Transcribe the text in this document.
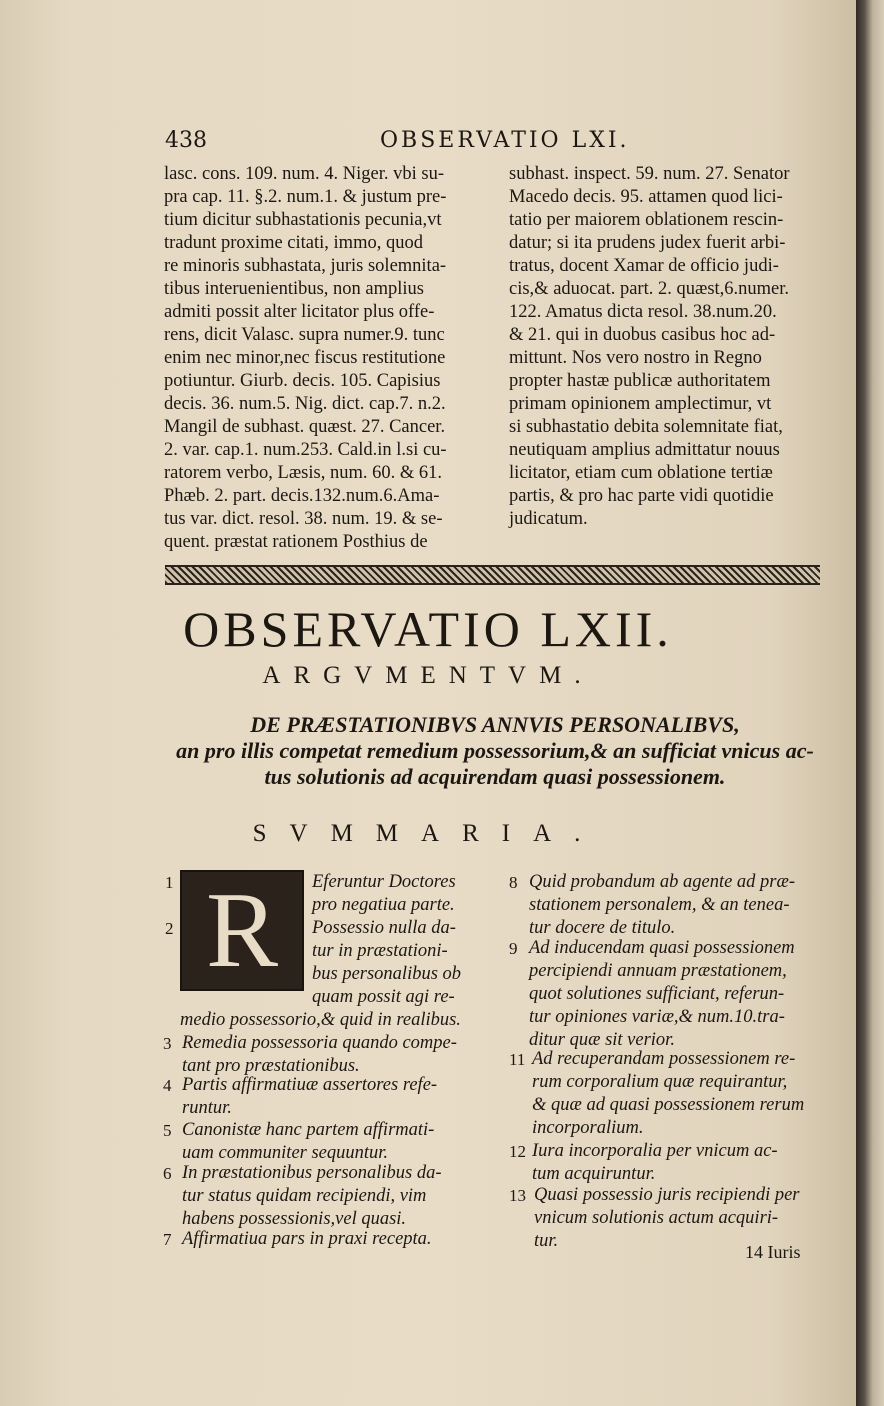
438	OBSERVATIO LXI.
lasc. cons. 109. num. 4. Niger. vbi su-
pra cap. 11. §.2. num.1. & justum pre-
tium dicitur subhastationis pecunia,vt
tradunt proxime citati, immo, quod
re minoris subhastata, juris solemnita-
tibus interuenientibus, non amplius
admiti possit alter licitator plus offe-
rens, dicit Valasc. supra numer.9. tunc
enim nec minor,nec fiscus restitutione
potiuntur. Giurb. decis. 105. Capisius
decis. 36. num.5. Nig. dict. cap.7. n.2.
Mangil de subhast. quæst. 27. Cancer.
2. var. cap.1. num.253. Cald.in l.si cu-
ratorem verbo, Læsis, num. 60. & 61.
Phæb. 2. part. decis.132.num.6.Ama-
tus var. dict. resol. 38. num. 19. & se-
quent. præstat rationem Posthius de
subhast. inspect. 59. num. 27. Senator
Macedo decis. 95. attamen quod lici-
tatio per maiorem oblationem rescin-
datur; si ita prudens judex fuerit arbi-
tratus, docent Xamar de officio judi-
cis,& aduocat. part. 2. quæst,6.numer.
122. Amatus dicta resol. 38.num.20.
& 21. qui in duobus casibus hoc ad-
mittunt. Nos vero nostro in Regno
propter hastæ publicæ authoritatem
primam opinionem amplectimur, vt
si subhastatio debita solemnitate fiat,
neutiquam amplius admittatur nouus
licitator, etiam cum oblatione tertiæ
partis, & pro hac parte vidi quotidie
judicatum.
OBSERVATIO LXII.
ARGVMENTVM.
DE PRÆSTATIONIBVS ANNVIS PERSONALIBVS,
an pro illis competat remedium possessorium,& an sufficiat vnicus ac-
tus solutionis ad acquirendam quasi possessionem.
SVMMARIA.
R
1	Eferuntur Doctores
pro negatiua parte.
2	Possessio nulla da-
tur in præstationi-
bus personalibus ob
quam possit agi re-
medio possessorio,& quid in realibus.
3 Remedia possessoria quando compe-
tant pro præstationibus.
4 Partis affirmatiuæ assertores refe-
runtur.
5 Canonistæ hanc partem affirmati-
uam communiter sequuntur.
6 In præstationibus personalibus da-
tur status quidam recipiendi, vim
habens possessionis,vel quasi.
7 Affirmatiua pars in praxi recepta.
8 Quid probandum ab agente ad præ-
stationem personalem, & an tenea-
tur docere de titulo.
9 Ad inducendam quasi possessionem
percipiendi annuam præstationem,
quot solutiones sufficiant, referun-
tur opiniones variæ,& num.10.tra-
ditur quæ sit verior.
11 Ad recuperandam possessionem re-
rum corporalium quæ requirantur,
& quæ ad quasi possessionem rerum
incorporalium.
12 Iura incorporalia per vnicum ac-
tum acquiruntur.
13 Quasi possessio juris recipiendi per
vnicum solutionis actum acquiri-
tur.
14 Iuris
